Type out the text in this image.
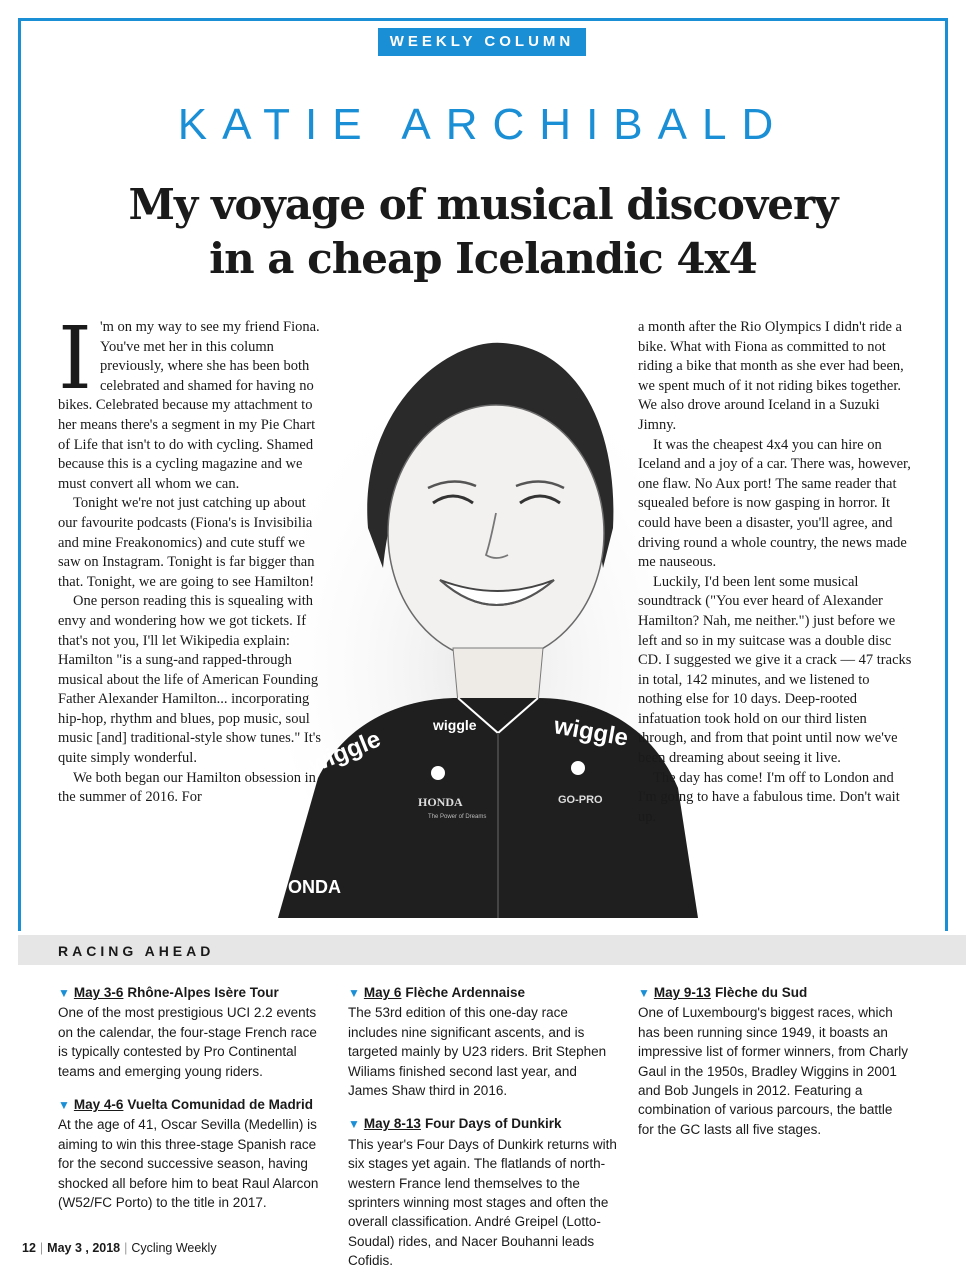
WEEKLY COLUMN
KATIE ARCHIBALD
My voyage of musical discovery
in a cheap Icelandic 4x4
wiggle	wiggle
wiggle
HONDA
The Power of Dreams
GO-PRO
ONDA
I 'm on my way to see my friend Fiona. You've met her in this column previously, where she has been both celebrated and shamed for having no bikes. Celebrated because my attachment to her means there's a segment in my Pie Chart of Life that isn't to do with cycling. Shamed because this is a cycling magazine and we must convert all whom we can.

Tonight we're not just catching up about our favourite podcasts (Fiona's is Invisibilia and mine Freakonomics) and cute stuff we saw on Instagram. Tonight is far bigger than that. Tonight, we are going to see Hamilton!

One person reading this is squealing with envy and wondering how we got tickets. If that's not you, I'll let Wikipedia explain: Hamilton "is a sung-and rapped-through musical about the life of American Founding Father Alexander Hamilton... incorporating hip-hop, rhythm and blues, pop music, soul music [and] traditional-style show tunes." It's quite simply wonderful.

We both began our Hamilton obsession in the summer of 2016. For

a month after the Rio Olympics I didn't ride a bike. What with Fiona as committed to not riding a bike that month as she ever had been, we spent much of it not riding bikes together. We also drove around Iceland in a Suzuki Jimny.

It was the cheapest 4x4 you can hire on Iceland and a joy of a car. There was, however, one flaw. No Aux port! The same reader that squealed before is now gasping in horror. It could have been a disaster, you'll agree, and driving round a whole country, the news made me nauseous.

Luckily, I'd been lent some musical soundtrack ("You ever heard of Alexander Hamilton? Nah, me neither.") just before we left and so in my suitcase was a double disc CD. I suggested we give it a crack — 47 tracks in total, 142 minutes, and we listened to nothing else for 10 days. Deep-rooted infatuation took hold on our third listen through, and from that point until now we've been dreaming about seeing it live.

The day has come! I'm off to London and I'm going to have a fabulous time. Don't wait up.

RACING AHEAD
▼ May 3-6 Rhône-Alpes Isère Tour
One of the most prestigious UCI 2.2 events on the calendar, the four-stage French race is typically contested by Pro Continental teams and emerging young riders.
▼ May 4-6 Vuelta Comunidad de Madrid
At the age of 41, Oscar Sevilla (Medellin) is aiming to win this three-stage Spanish race for the second successive season, having shocked all before him to beat Raul Alarcon (W52/FC Porto) to the title in 2017.
▼ May 6 Flèche Ardennaise
The 53rd edition of this one-day race includes nine significant ascents, and is targeted mainly by U23 riders. Brit Stephen Wiliams finished second last year, and James Shaw third in 2016.
▼ May 8-13 Four Days of Dunkirk
This year's Four Days of Dunkirk returns with six stages yet again. The flatlands of north-western France lend themselves to the sprinters winning most stages and often the overall classification. André Greipel (Lotto-Soudal) rides, and Nacer Bouhanni leads Cofidis.
▼ May 9-13 Flèche du Sud
One of Luxembourg's biggest races, which has been running since 1949, it boasts an impressive list of former winners, from Charly Gaul in the 1950s, Bradley Wiggins in 2001 and Bob Jungels in 2012. Featuring a combination of various parcours, the battle for the GC lasts all five stages.
12 | May 3 , 2018 | Cycling Weekly
